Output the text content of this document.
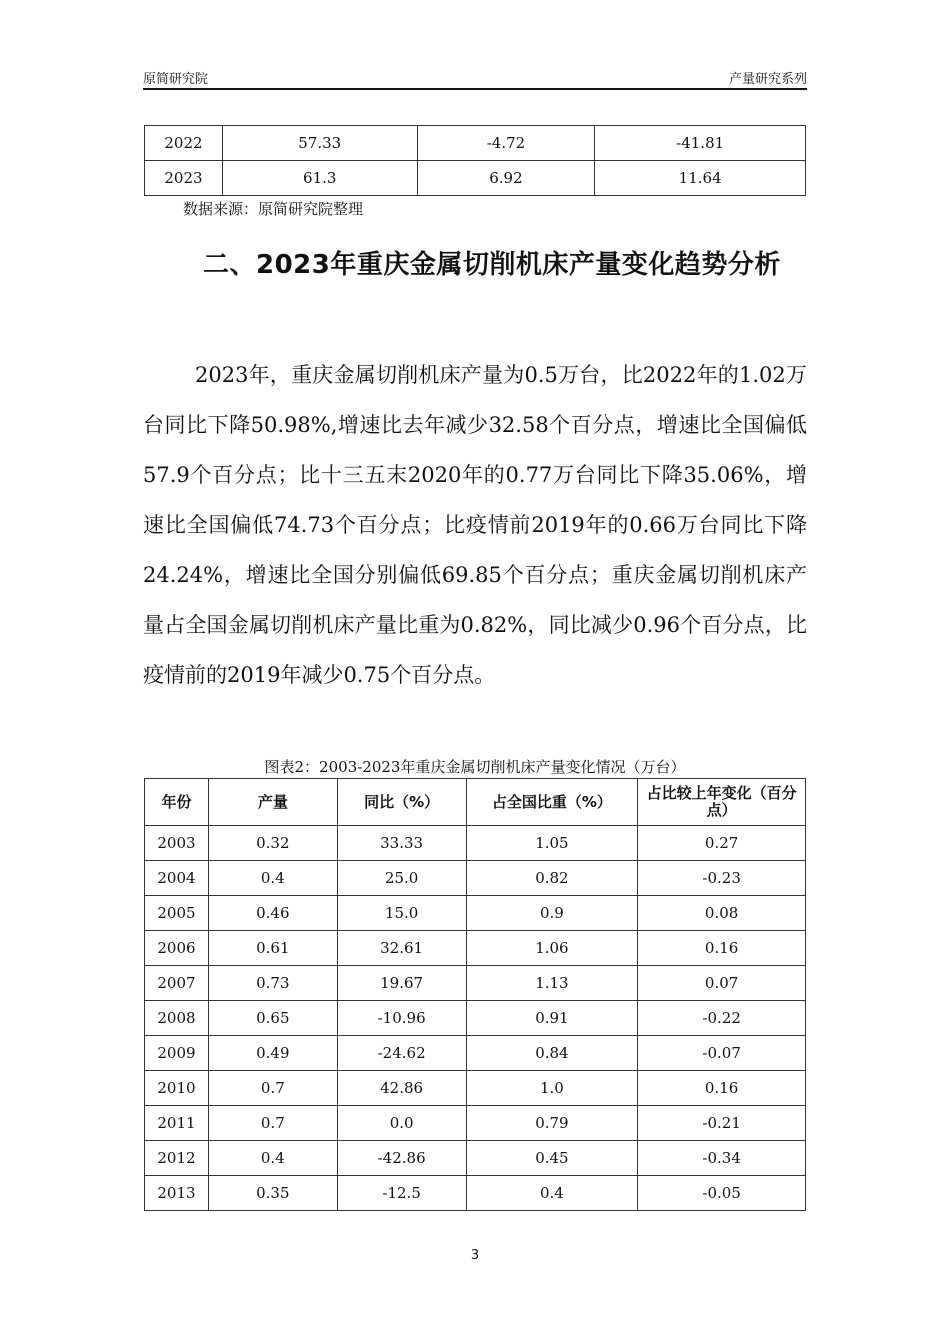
原简研究院	产量研究系列
2022	57.33	-4.72	-41.81
2023	61.3	6.92	11.64
数据来源：原简研究院整理
二、2023年重庆金属切削机床产量变化趋势分析
2023年，重庆金属切削机床产量为0.5万台，比2022年的1.02万台同比下降50.98%,增速比去年减少32.58个百分点，增速比全国偏低57.9个百分点；比十三五末2020年的0.77万台同比下降35.06%，增速比全国偏低74.73个百分点；比疫情前2019年的0.66万台同比下降24.24%，增速比全国分别偏低69.85个百分点；重庆金属切削机床产量占全国金属切削机床产量比重为0.82%，同比减少0.96个百分点，比疫情前的2019年减少0.75个百分点。
图表2：2003-2023年重庆金属切削机床产量变化情况（万台）
年份	产量	同比（%）	占全国比重（%）	占比较上年变化（百分点）
2003	0.32	33.33	1.05	0.27
2004	0.4	25.0	0.82	-0.23
2005	0.46	15.0	0.9	0.08
2006	0.61	32.61	1.06	0.16
2007	0.73	19.67	1.13	0.07
2008	0.65	-10.96	0.91	-0.22
2009	0.49	-24.62	0.84	-0.07
2010	0.7	42.86	1.0	0.16
2011	0.7	0.0	0.79	-0.21
2012	0.4	-42.86	0.45	-0.34
2013	0.35	-12.5	0.4	-0.05
3
